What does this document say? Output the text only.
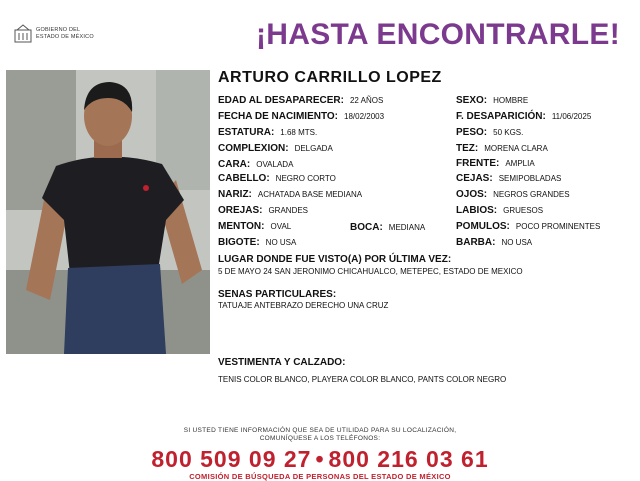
GOBIERNO DEL
ESTADO DE MÉXICO	¡HASTA ENCONTRARLE!
ARTURO CARRILLO LOPEZ
EDAD AL DESAPARECER: 22 AÑOS
FECHA DE NACIMIENTO: 18/02/2003
ESTATURA: 1.68 MTS.
COMPLEXION: DELGADA
CARA: OVALADA
CABELLO: NEGRO CORTO
NARIZ: ACHATADA BASE MEDIANA
OREJAS: GRANDES
MENTON: OVAL
BIGOTE: NO USA
BOCA: MEDIANA
SEXO: HOMBRE
F. DESAPARICIÓN: 11/06/2025
PESO: 50 KGS.
TEZ: MORENA CLARA
FRENTE: AMPLIA
CEJAS: SEMIPOBLADAS
OJOS: NEGROS GRANDES
LABIOS: GRUESOS
POMULOS: POCO PROMINENTES
BARBA: NO USA
LUGAR DONDE FUE VISTO(A) POR ÚLTIMA VEZ:
5 DE MAYO 24 SAN JERONIMO CHICAHUALCO, METEPEC, ESTADO DE MEXICO
SENAS PARTICULARES:
TATUAJE ANTEBRAZO DERECHO UNA CRUZ
VESTIMENTA Y CALZADO:
TENIS COLOR BLANCO, PLAYERA COLOR BLANCO, PANTS COLOR NEGRO
SI USTED TIENE INFORMACIÓN QUE SEA DE UTILIDAD PARA SU LOCALIZACIÓN,
COMUNÍQUESE A LOS TELÉFONOS:
800 509 09 27 • 800 216 03 61
COMISIÓN DE BÚSQUEDA DE PERSONAS DEL ESTADO DE MÉXICO
